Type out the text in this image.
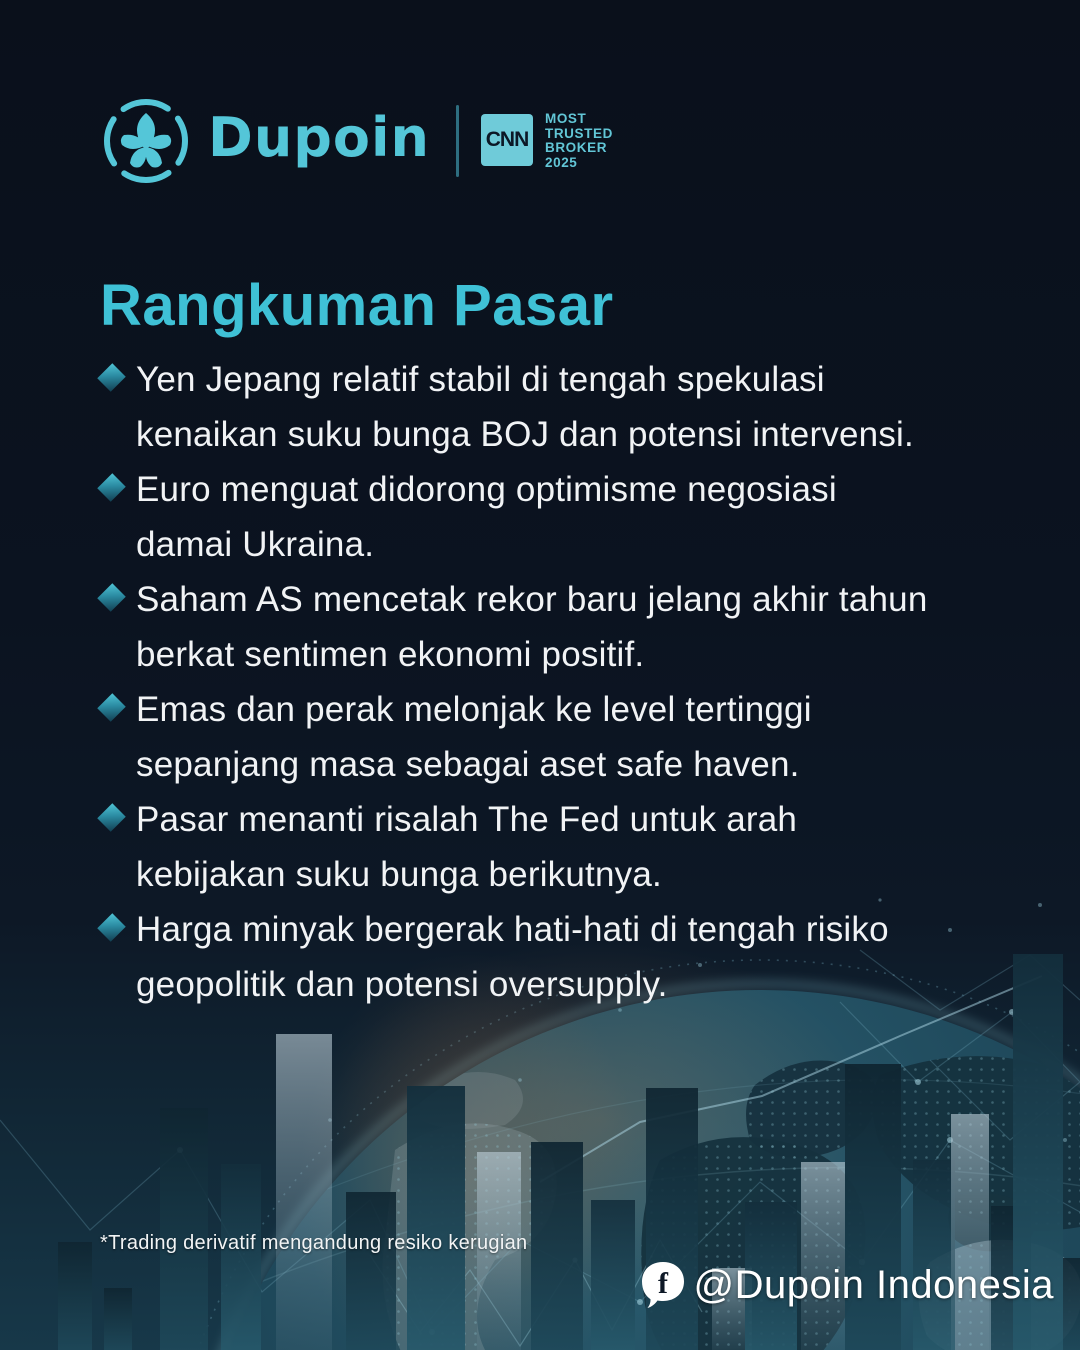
Dupoin	CNN
MOST
TRUSTED
BROKER
2025
Rangkuman Pasar
Yen Jepang relatif stabil di tengah spekulasi
kenaikan suku bunga BOJ dan potensi intervensi.
Euro menguat didorong optimisme negosiasi
damai Ukraina.
Saham AS mencetak rekor baru jelang akhir tahun
berkat sentimen ekonomi positif.
Emas dan perak melonjak ke level tertinggi
sepanjang masa sebagai aset safe haven.
Pasar menanti risalah The Fed untuk arah
kebijakan suku bunga berikutnya.
Harga minyak bergerak hati-hati di tengah risiko
geopolitik dan potensi oversupply.
*Trading derivatif mengandung resiko kerugian
f @Dupoin Indonesia
